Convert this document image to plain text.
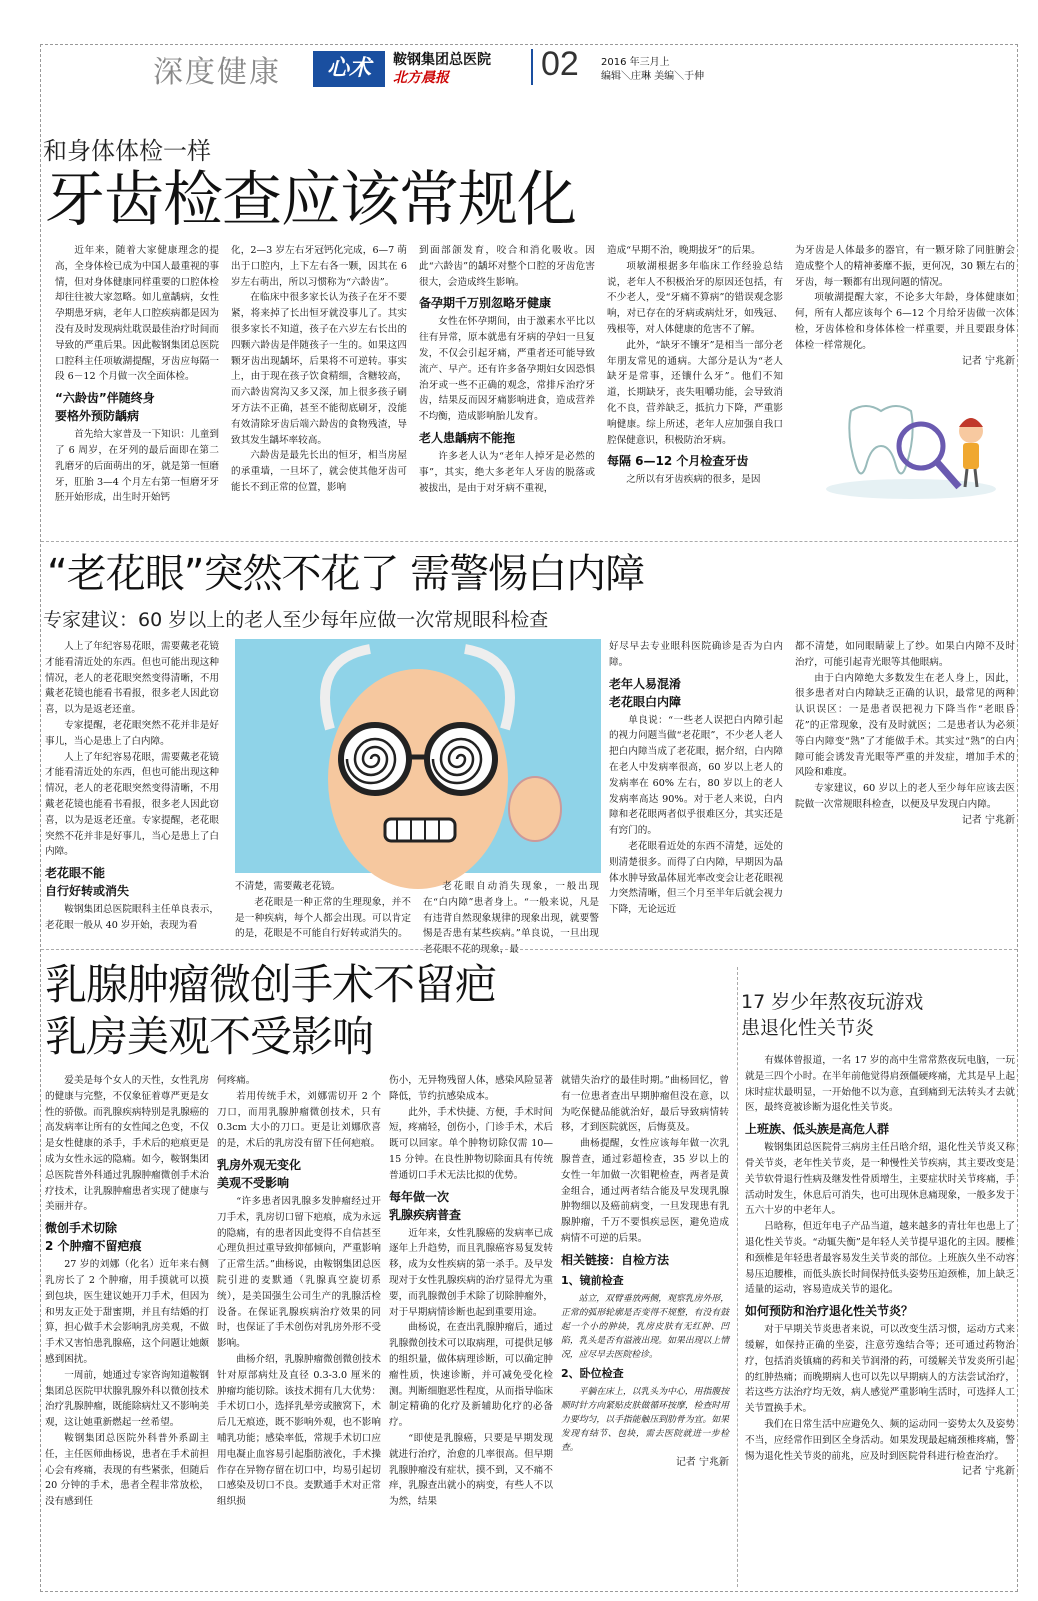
深度健康	心术	鞍钢集团总医院
北方晨报	02 2016 年三月上
编辑＼庄琳 美编＼于伸
和身体体检一样
牙齿检查应该常规化

近年来，随着大家健康理念的提高，全身体检已成为中国人最重视的事情，但对身体健康同样重要的口腔体检却往往被大家忽略。如儿童龋病，女性孕期患牙病，老年人口腔疾病都是因为没有及时发现病灶耽误最佳治疗时间而导致的严重后果。因此鞍钢集团总医院口腔科主任项敏湖提醒，牙齿应每隔一段 6－12 个月做一次全面体检。

“六龄齿”伴随终身
要格外预防龋病

首先给大家普及一下知识：儿童到了 6 周岁，在牙列的最后面即在第二乳磨牙的后面萌出的牙，就是第一恒磨牙，肛胎 3—4 个月左右第一恒磨牙牙胚开始形成，出生时开始钙

化，2—3 岁左右牙冠钙化完成，6—7 萌出于口腔内，上下左右各一颗，因其在 6 岁左右萌出，所以习惯称为“六龄齿”。

在临床中很多家长认为孩子在牙不要紧，将来掉了长出恒牙就没事儿了。其实很多家长不知道，孩子在六岁左右长出的四颗六龄齿是伴随孩子一生的。如果这四颗牙齿出现龋坏，后果将不可逆转。事实上，由于现在孩子饮食精细，含糖较高，而六龄齿窝沟又多又深，加上很多孩子刷牙方法不正确，甚至不能彻底刷牙，没能有效清除牙齿后端六龄齿的食物残渣，导致其发生龋坏率较高。

六龄齿是最先长出的恒牙，相当房屋的承重墙，一旦坏了，就会使其他牙齿可能长不到正常的位置，影响

到面部颌发育，咬合和消化吸收。因此“六龄齿”的龋坏对整个口腔的牙齿危害很大，会造成终生影响。

备孕期千万别忽略牙健康

女性在怀孕期间，由于激素水平比以往有异常，原本就患有牙病的孕妇一旦复发，不仅会引起牙痛，严重者还可能导致流产、早产。还有许多备孕期妇女因恐惧治牙或一些不正确的观念，常排斥治疗牙齿，结果反而因牙痛影响进食，造成营养不均衡，造成影响胎儿发育。

老人患龋病不能拖

许多老人认为“老年人掉牙是必然的事”，其实，绝大多老年人牙齿的脱落或被拔出，是由于对牙病不重视，

造成“早期不治，晚期拔牙”的后果。

项敏湖根据多年临床工作经验总结说，老年人不积极治牙的原因还包括，有不少老人，受“牙痛不算病”的错误观念影响，对已存在的牙病或病灶牙，如残冠、残根等，对人体健康的危害不了解。

此外，“缺牙不镶牙”是相当一部分老年朋友常见的通病。大部分是认为“老人缺牙是常事，还镶什么牙”。他们不知道，长期缺牙，丧失咀嚼功能，会导致消化不良，营养缺乏，抵抗力下降，严重影响健康。综上所述，老年人应加强自我口腔保健意识，积极防治牙病。

每隔 6—12 个月检查牙齿

之所以有牙齿疾病的很多，是因

为牙齿是人体最多的器官，有一颗牙除了同脏腑会造成整个人的精神萎靡不振，更何况，30 颗左右的牙齿，每一颗都有出现问题的情况。

项敏湖提醒大家，不论多大年龄，身体健康如何，所有人都应该每个 6—12 个月给牙齿做一次体检，牙齿体检和身体体检一样重要，并且要跟身体体检一样常规化。

记者 宁兆新
“老花眼”突然不花了 需警惕白内障
专家建议：60 岁以上的老人至少每年应做一次常规眼科检查

人上了年纪容易花眼，需要戴老花镜才能看清近处的东西。但也可能出现这种情况，老人的老花眼突然变得清晰，不用戴老花镜也能看书看报，很多老人因此窃喜，以为是返老还童。

专家提醒，老花眼突然不花并非是好事儿，当心是患上了白内障。

人上了年纪容易花眼，需要戴老花镜才能看清近处的东西，但也可能出现这种情况，老人的老花眼突然变得清晰，不用戴老花镜也能看书看报，很多老人因此窃喜，以为是返老还童。专家提醒，老花眼突然不花并非是好事儿，当心是患上了白内障。

老花眼不能
自行好转或消失

鞍钢集团总医院眼科主任单良表示，老花眼一般从 40 岁开始，表现为看

不清楚，需要戴老花镜。

老花眼是一种正常的生理现象，并不是一种疾病，每个人都会出现。可以肯定的是，花眼是不可能自行好转或消失的。

老花眼自动消失现象，一般出现在“白内障”患者身上。“一般来说，凡是有违背自然现象规律的现象出现，就要警惕是否患有某些疾病。”单良说，一旦出现老花眼不花的现象，最

好尽早去专业眼科医院确诊是否为白内障。

老年人易混淆
老花眼白内障

单良说：“一些老人误把白内障引起的视力问题当做“老花眼”，不少老人老人把白内障当成了老花眼，据介绍，白内障在老人中发病率很高，60 岁以上老人的发病率在 60% 左右，80 岁以上的老人发病率高达 90%。对于老人来说，白内障和老花眼两者似乎很难区分，其实还是有窍门的。

老花眼看近处的东西不清楚，远处的则清楚很多。而得了白内障，早期因为晶体水肿导致晶体屈光率改变会让老花眼视力突然清晰，但三个月至半年后就会视力下降，无论远近

都不清楚，如同眼睛蒙上了纱。如果白内障不及时治疗，可能引起青光眼等其他眼病。

由于白内障绝大多数发生在老人身上，因此，很多患者对白内障缺乏正确的认识，最常见的两种认识误区：一是患者误把视力下降当作“老眼昏花”的正常现象，没有及时就医；二是患者认为必须等白内障变“熟”了才能做手术。其实过“熟”的白内障可能会诱发青光眼等严重的并发症，增加手术的风险和难度。

专家建议，60 岁以上的老人至少每年应该去医院做一次常规眼科检查，以便及早发现白内障。

记者 宁兆新
乳腺肿瘤微创手术不留疤
乳房美观不受影响

爱美是每个女人的天性，女性乳房的健康与完整，不仅象征着尊严更是女性的骄傲。而乳腺疾病特别是乳腺癌的高发病率让所有的女性闻之色变，不仅是女性健康的杀手，手术后的疤痕更是成为女性永远的隐痛。如今，鞍钢集团总医院普外科通过乳腺肿瘤微创手术治疗技术，让乳腺肿瘤患者实现了健康与美丽并存。

微创手术切除
2 个肿瘤不留疤痕

27 岁的刘娜（化名）近年来右侧乳房长了 2 个肿瘤，用手摸就可以摸到包块，医生建议她开刀手术，但因为和男友正处于甜蜜期，并且有结婚的打算，担心做手术会影响乳房美观，不做手术又害怕患乳腺癌，这个问题让她颇感到困扰。

一周前，她通过专家咨询知道鞍钢集团总医院甲状腺乳腺外科以微创技术治疗乳腺肿瘤，既能除病灶又不影响美观，这让她重新燃起一丝希望。

鞍钢集团总医院外科普外系副主任，主任医师曲杨说，患者在手术前担心会有疼痛，表现的有些紧张，但随后 20 分钟的手术，患者全程非常放松，没有感到任

何疼痛。

若用传统手术，刘娜需切开 2 个刀口，而用乳腺肿瘤微创技术，只有 0.3cm 大小的刀口。更是让刘娜欣喜的是，术后的乳房没有留下任何疤痕。

乳房外观无变化
美观不受影响

“许多患者因乳腺多发肿瘤经过开刀手术，乳房切口留下疤痕，成为永远的隐痛，有的患者因此变得不自信甚至心理负担过重导致抑郁倾向，严重影响了正常生活。”曲杨说，由鞍钢集团总医院引进的麦默通（乳腺真空旋切系统），是美国强生公司生产的乳腺活检设备。在保证乳腺疾病治疗效果的同时，也保证了手术创伤对乳房外形不受影响。

曲杨介绍，乳腺肿瘤微创微创技术针对原部病灶及直径 0.3-3.0 厘米的肿瘤均能切除。该技术拥有几大优势：手术切口小，选择乳晕旁或腋窝下，术后几无痕迹，既不影响外观，也不影响哺乳功能；感染率低，常规手术切口应用电凝止血容易引起脂肪液化，手术操作存在异物存留在切口中，均易引起切口感染及切口不良。麦默通手术对正常组织损

伤小，无异物残留人体，感染风险显著降低，节约抗感染成本。

此外，手术快捷、方便，手术时间短，疼痛轻，创伤小，门诊手术，术后既可以回家。单个肿物切除仅需 10—15 分钟。在良性肿物切除面具有传统普通切口手术无法比拟的优势。

每年做一次
乳腺疾病普查

近年来，女性乳腺癌的发病率已成逐年上升趋势，而且乳腺癌容易复发转移，成为女性疾病的第一杀手。及早发现对于女性乳腺疾病的治疗显得尤为重要，而乳腺微创手术除了切除肿瘤外，对于早期病情诊断也起到重要用途。

曲杨说，在查出乳腺肿瘤后，通过乳腺微创技术可以取病理，可提供足够的组织量，做体病理诊断，可以确定肿瘤性质，快速诊断，并可减免受化检测。判断细胞恶性程度，从而指导临床制定精确的化疗及新辅助化疗的必备疗。

“即使是乳腺癌，只要是早期发现就进行治疗，治愈的几率很高。但早期乳腺肿瘤没有症状，摸不到，又不痛不痒，乳腺查出就小的病变，有些人不以为然，结果

就错失治疗的最佳时期。”曲杨回忆，曾有一位患者查出早期肿瘤但没在意，以为吃保健品能就治好，最后导致病情转移，才到医院就医，后悔莫及。

曲杨提醒，女性应该每年做一次乳腺普查，通过彩超检查，35 岁以上的女性一年加做一次钼靶检查，两者是黄金组合，通过两者结合能及早发现乳腺肿物细以及癌前病变，一旦发现患有乳腺肿瘤，千万不要惧疾忌医，避免造成病情不可逆的后果。

相关链接：自检方法
1、镜前检查

站立，双臂垂放两侧，观察乳房外形，正常的弧形轮廓是否变得不规整，有没有鼓起一个小的肿块，乳房皮肤有无红肿、凹陷，乳头是否有溢液出现。如果出现以上情况，应尽早去医院检诊。

2、卧位检查

平躺在床上，以乳头为中心，用指腹按顺时针方向紧贴皮肤做循环按摩，检查时用力要均匀，以手指能触压到肋骨为宜。如果发现有结节、包块，需去医院就进一步检查。

记者 宁兆新
17 岁少年熬夜玩游戏
患退化性关节炎

有媒体曾报道，一名 17 岁的高中生常常熬夜玩电脑，一玩就是三四个小时。在半年前他觉得肩颈僵硬疼痛，尤其是早上起床时症状最明显，一开始他不以为意，直到痛到无法转头才去就医，最终竟被诊断为退化性关节炎。

上班族、低头族是高危人群

鞍钢集团总医院骨三病房主任吕晗介绍，退化性关节炎又称骨关节炎，老年性关节炎，是一种慢性关节疾病，其主要改变是关节软骨退行性病及继发性骨质增生，主要症状时关节疼痛，手活动时发生，休息后可消失，也可出现休息痛现象，一般多发于五六十岁的中老年人。

吕晗称，但近年电子产品当道，越来越多的青壮年也患上了退化性关节炎。“动辄失衡”是年轻人关节提早退化的主因。腰椎和颈椎是年轻患者最容易发生关节炎的部位。上班族久坐不动容易压迫腰椎，而低头族长时间保持低头姿势压迫颈椎，加上缺乏适量的运动，容易造成关节的退化。

如何预防和治疗退化性关节炎？

对于早期关节炎患者来说，可以改变生活习惯，运动方式来缓解，如保持正确的坐姿，注意劳逸结合等；还可通过药物治疗，包括消炎镇痛的药和关节润滑的药，可缓解关节发炎所引起的红肿热痛；而晚期病人也可以先以早期病人的方法尝试治疗，若这些方法治疗均无效，病人感觉严重影响生活时，可选择人工关节置换手术。

我们在日常生活中应避免久、频的运动同一姿势太久及姿势不当，应经常作田到区全身活动。如果发现最起痛颈椎疼痛，警惕为退化性关节炎的前兆，应及时到医院骨科进行检查治疗。

记者 宁兆新
